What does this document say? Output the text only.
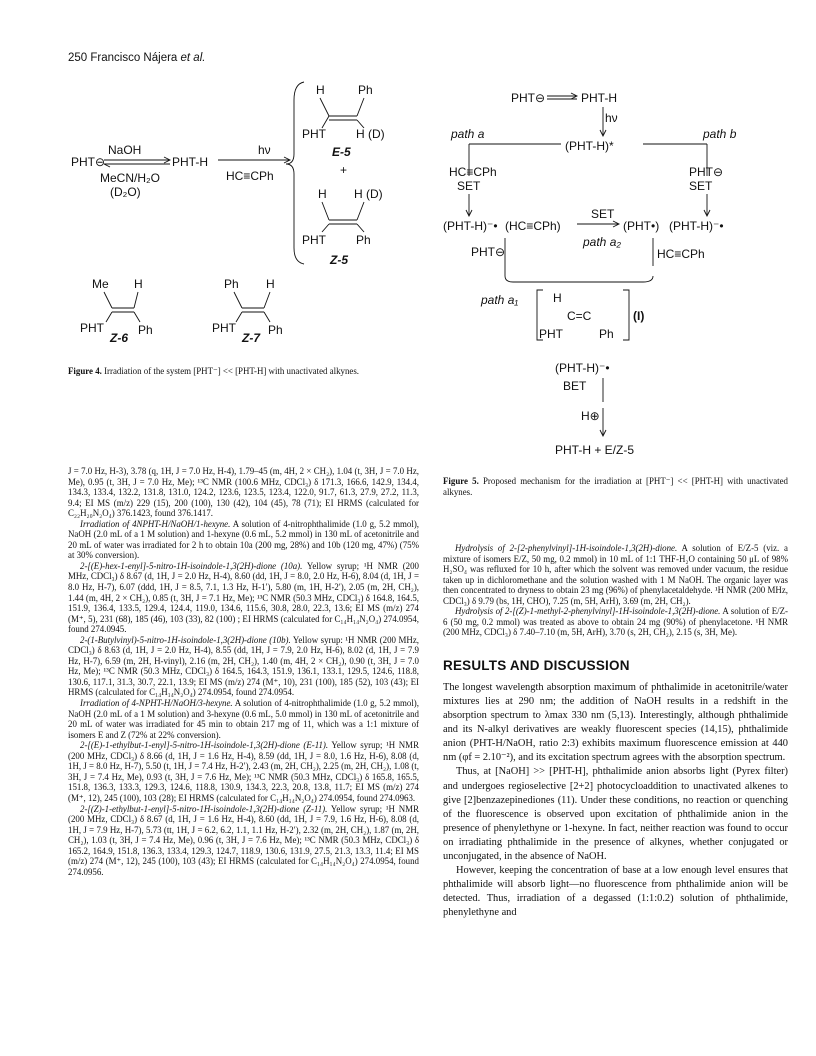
250 Francisco Nájera et al.
PHT⊖
NaOH
MeCN/H₂O
(D₂O)
PHT-H
hν
HC≡CPh
H	Ph
PHT	H (D)
E-5
+
H H (D)
PHT	Ph
Z-5
Me H
PHT	Ph
Z-6
Ph H
PHT	Ph
Z-7
Figure 4. Irradiation of the system [PHT⁻] << [PHT-H] with unactivated alkynes.
PHT⊖	PHT-H
hν
(PHT-H)*
path a	path b
HC≡CPh
SET
PHT⊖
SET
(PHT-H)⁻• (HC≡CPh)
SET
(PHT•) (PHT-H)⁻•
path a₂
PHT⊖	HC≡CPh
path a₁	H
C=C
PHT	Ph
(I)
(PHT-H)⁻•
BET
H⊕
PHT-H + E/Z-5
Figure 5. Proposed mechanism for the irradiation at [PHT⁻] << [PHT-H] with unactivated alkynes.

J = 7.0 Hz, H-3), 3.78 (q, 1H, J = 7.0 Hz, H-4), 1.79–45 (m, 4H, 2 × CH₂), 1.04 (t, 3H, J = 7.0 Hz, Me), 0.95 (t, 3H, J = 7.0 Hz, Me); ¹³C NMR (100.6 MHz, CDCl₃) δ 171.3, 166.6, 142.9, 134.4, 134.3, 133.4, 132.2, 131.8, 131.0, 124.2, 123.6, 123.5, 123.4, 122.0, 91.7, 61.3, 27.9, 27.2, 11.3, 9.4; EI MS (m/z) 229 (15), 200 (100), 130 (42), 104 (45), 78 (71); EI HRMS (calculated for C₂₂H₂₀N₂O₄) 376.1423, found 376.1417.

Irradiation of 4NPHT-H/NaOH/1-hexyne. A solution of 4-nitrophthalimide (1.0 g, 5.2 mmol), NaOH (2.0 mL of a 1 M solution) and 1-hexyne (0.6 mL, 5.2 mmol) in 130 mL of acetonitrile and 20 mL of water was irradiated for 2 h to obtain 10a (200 mg, 28%) and 10b (120 mg, 47%) (75% at 30% conversion).

2-[(E)-hex-1-enyl]-5-nitro-1H-isoindole-1,3(2H)-dione (10a). Yellow syrup; ¹H NMR (200 MHz, CDCl₃) δ 8.67 (d, 1H, J = 2.0 Hz, H-4), 8.60 (dd, 1H, J = 8.0, 2.0 Hz, H-6), 8.04 (d, 1H, J = 8.0 Hz, H-7), 6.07 (ddd, 1H, J = 8.5, 7.1, 1.3 Hz, H-1′), 5.80 (m, 1H, H-2′), 2.05 (m, 2H, CH₂), 1.44 (m, 4H, 2 × CH₂), 0.85 (t, 3H, J = 7.1 Hz, Me); ¹³C NMR (50.3 MHz, CDCl₃) δ 164.8, 164.5, 151.9, 136.4, 133.5, 129.4, 124.4, 119.0, 134.6, 115.6, 30.8, 28.0, 22.3, 13.6; EI MS (m/z) 274 (M⁺, 5), 231 (68), 185 (46), 103 (33), 82 (100) ; EI HRMS (calculated for C₁₄H₁₄N₂O₄) 274.0954, found 274.0945.

2-(1-Butylvinyl)-5-nitro-1H-isoindole-1,3(2H)-dione (10b). Yellow syrup: ¹H NMR (200 MHz, CDCl₃) δ 8.63 (d, 1H, J = 2.0 Hz, H-4), 8.55 (dd, 1H, J = 7.9, 2.0 Hz, H-6), 8.02 (d, 1H, J = 7.9 Hz, H-7), 6.59 (m, 2H, H-vinyl), 2.16 (m, 2H, CH₂), 1.40 (m, 4H, 2 × CH₂), 0.90 (t, 3H, J = 7.0 Hz, Me); ¹³C NMR (50.3 MHz, CDCl₃) δ 164.5, 164.3, 151.9, 136.1, 133.1, 129.5, 124.6, 118.8, 130.6, 117.1, 31.3, 30.7, 22.1, 13.9; EI MS (m/z) 274 (M⁺, 10), 231 (100), 185 (52), 103 (43); EI HRMS (calculated for C₁₄H₁₄N₂O₄) 274.0954, found 274.0954.

Irradiation of 4-NPHT-H/NaOH/3-hexyne. A solution of 4-nitrophthalimide (1.0 g, 5.2 mmol), NaOH (2.0 mL of a 1 M solution) and 3-hexyne (0.6 mL, 5.0 mmol) in 130 mL of acetonitrile and 20 mL of water was irradiated for 45 min to obtain 217 mg of 11, which was a 1:1 mixture of isomers E and Z (72% at 22% conversion).

2-[(E)-1-ethylbut-1-enyl]-5-nitro-1H-isoindole-1,3(2H)-dione (E-11). Yellow syrup; ¹H NMR (200 MHz, CDCl₃) δ 8.66 (d, 1H, J = 1.6 Hz, H-4), 8.59 (dd, 1H, J = 8.0, 1.6 Hz, H-6), 8.08 (d, 1H, J = 8.0 Hz, H-7), 5.50 (t, 1H, J = 7.4 Hz, H-2′), 2.43 (m, 2H, CH₂), 2.25 (m, 2H, CH₂), 1.08 (t, 3H, J = 7.4 Hz, Me), 0.93 (t, 3H, J = 7.6 Hz, Me); ¹³C NMR (50.3 MHz, CDCl₃) δ 165.8, 165.5, 151.8, 136.3, 133.3, 129.3, 124.6, 118.8, 130.9, 134.3, 22.3, 20.8, 13.8, 11.7; EI MS (m/z) 274 (M⁺, 12), 245 (100), 103 (28); EI HRMS (calculated for C₁₄H₁₄N₂O₄) 274.0954, found 274.0963.

2-[(Z)-1-ethylbut-1-enyl]-5-nitro-1H-isoindole-1,3(2H)-dione (Z-11). Yellow syrup; ¹H NMR (200 MHz, CDCl₃) δ 8.67 (d, 1H, J = 1.6 Hz, H-4), 8.60 (dd, 1H, J = 7.9, 1.6 Hz, H-6), 8.08 (d, 1H, J = 7.9 Hz, H-7), 5.73 (tt, 1H, J = 6.2, 6.2, 1.1, 1.1 Hz, H-2′), 2.32 (m, 2H, CH₂), 1.87 (m, 2H, CH₂), 1.03 (t, 3H, J = 7.4 Hz, Me), 0.96 (t, 3H, J = 7.6 Hz, Me); ¹³C NMR (50.3 MHz, CDCl₃) δ 165.2, 164.9, 151.8, 136.3, 133.4, 129.3, 124.7, 118.9, 130.6, 131.9, 27.5, 21.3, 13.3, 11.4; EI MS (m/z) 274 (M⁺, 12), 245 (100), 103 (43); EI HRMS (calculated for C₁₄H₁₄N₂O₄) 274.0954, found 274.0956.

Hydrolysis of 2-[2-phenylvinyl]-1H-isoindole-1,3(2H)-dione. A solution of E/Z-5 (viz. a mixture of isomers E/Z, 50 mg, 0.2 mmol) in 10 mL of 1:1 THF-H₂O containing 50 μL of 98% H₂SO₄ was refluxed for 10 h, after which the solvent was removed under vacuum, the residue taken up in dichloromethane and the solution washed with 1 M NaOH. The organic layer was then concentrated to dryness to obtain 23 mg (96%) of phenylacetaldehyde. ¹H NMR (200 MHz, CDCl₃) δ 9.79 (bs, 1H, CHO), 7.25 (m, 5H, ArH), 3.69 (m, 2H, CH₂).

Hydrolysis of 2-[(Z)-1-methyl-2-phenylvinyl]-1H-isoindole-1,3(2H)-dione. A solution of E/Z-6 (50 mg, 0.2 mmol) was treated as above to obtain 24 mg (90%) of phenylacetone. ¹H NMR (200 MHz, CDCl₃) δ 7.40–7.10 (m, 5H, ArH), 3.70 (s, 2H, CH₂), 2.15 (s, 3H, Me).

RESULTS AND DISCUSSION

The longest wavelength absorption maximum of phthalimide in acetonitrile/water mixtures lies at 290 nm; the addition of NaOH results in a redshift in the absorption spectrum to λmax 330 nm (5,13). Interestingly, although phthalimide and its N-alkyl derivatives are weakly fluorescent species (14,15), phthalimide anion (PHT-H/NaOH, ratio 2:3) exhibits maximum fluorescence emission at 440 nm (φf = 2.10⁻²), and its excitation spectrum agrees with the absorption spectrum.

Thus, at [NaOH] >> [PHT-H], phthalimide anion absorbs light (Pyrex filter) and undergoes regioselective [2+2] photocycloaddition to unactivated alkenes to give [2]benzazepinediones (11). Under these conditions, no reaction or quenching of the fluorescence is observed upon excitation of phthalimide anion in the presence of phenylethyne or 1-hexyne. In fact, neither reaction was found to occur on irradiating phthalimide in the presence of alkynes, whether conjugated or unconjugated, in the absence of NaOH.

However, keeping the concentration of base at a low enough level ensures that phthalimide will absorb light—no fluorescence from phthalimide anion will be detected. Thus, irradiation of a degassed (1:1:0.2) solution of phthalimide, phenylethyne and
